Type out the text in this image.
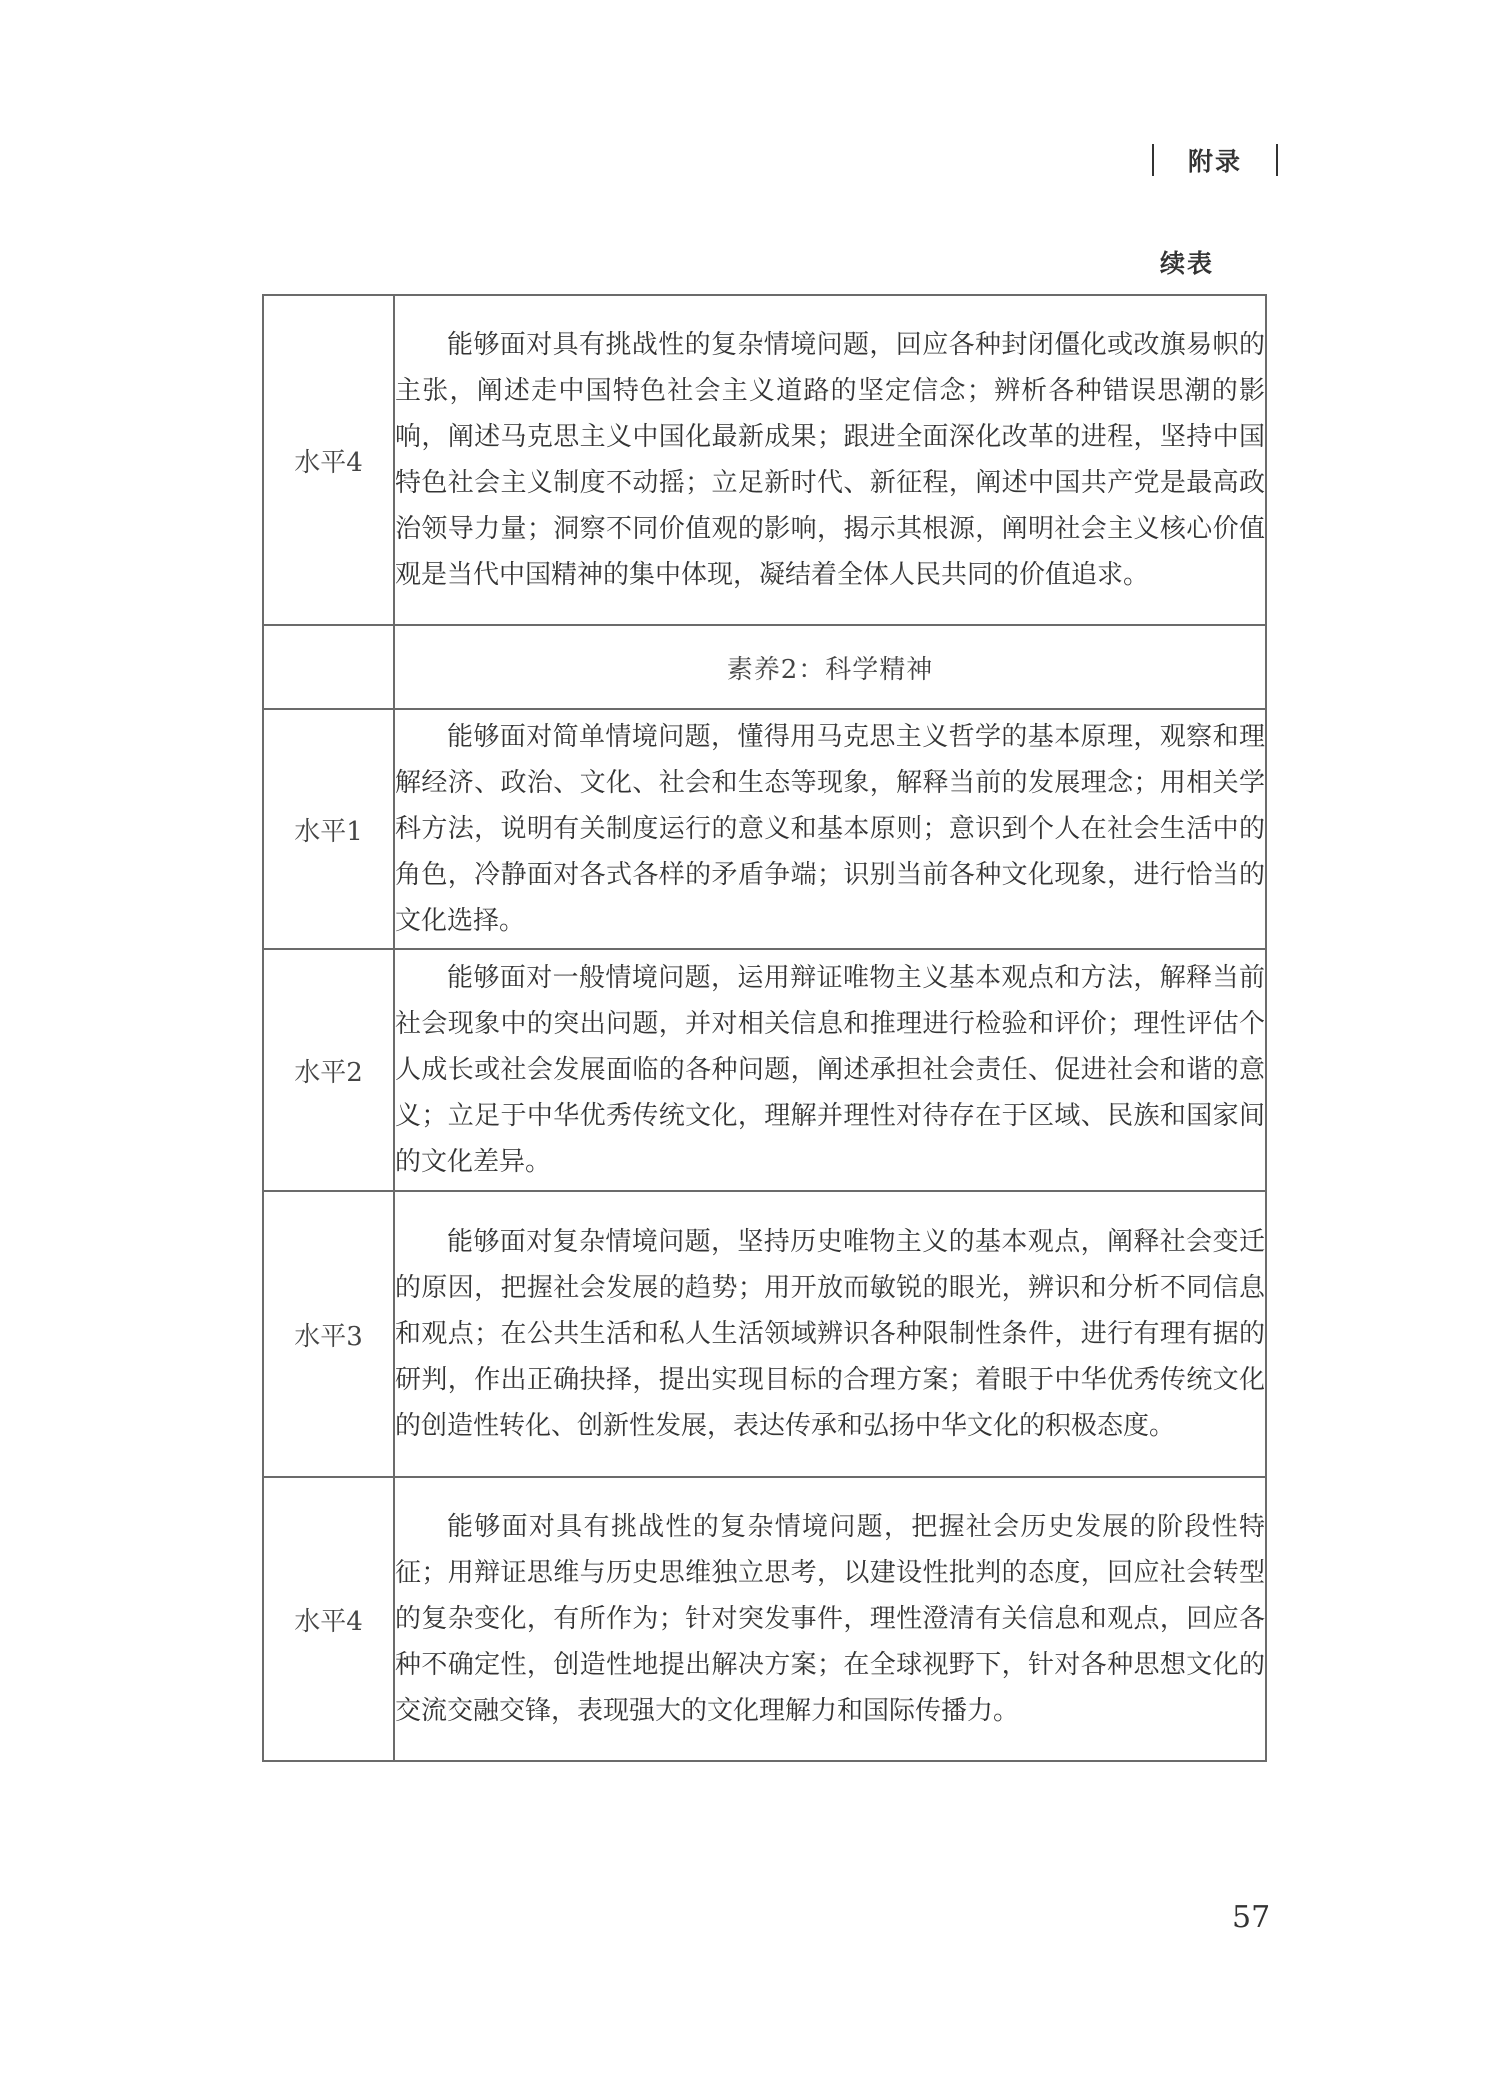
附录
续表
水平4	能够面对具有挑战性的复杂情境问题，回应各种封闭僵化或改旗易帜的主张，阐述走中国特色社会主义道路的坚定信念；辨析各种错误思潮的影响，阐述马克思主义中国化最新成果；跟进全面深化改革的进程，坚持中国特色社会主义制度不动摇；立足新时代、新征程，阐述中国共产党是最高政治领导力量；洞察不同价值观的影响，揭示其根源，阐明社会主义核心价值观是当代中国精神的集中体现，凝结着全体人民共同的价值追求。

	素养2：科学精神
水平1	能够面对简单情境问题，懂得用马克思主义哲学的基本原理，观察和理解经济、政治、文化、社会和生态等现象，解释当前的发展理念；用相关学科方法，说明有关制度运行的意义和基本原则；意识到个人在社会生活中的角色，冷静面对各式各样的矛盾争端；识别当前各种文化现象，进行恰当的文化选择。

水平2	能够面对一般情境问题，运用辩证唯物主义基本观点和方法，解释当前社会现象中的突出问题，并对相关信息和推理进行检验和评价；理性评估个人成长或社会发展面临的各种问题，阐述承担社会责任、促进社会和谐的意义；立足于中华优秀传统文化，理解并理性对待存在于区域、民族和国家间的文化差异。

水平3	能够面对复杂情境问题，坚持历史唯物主义的基本观点，阐释社会变迁的原因，把握社会发展的趋势；用开放而敏锐的眼光，辨识和分析不同信息和观点；在公共生活和私人生活领域辨识各种限制性条件，进行有理有据的研判，作出正确抉择，提出实现目标的合理方案；着眼于中华优秀传统文化的创造性转化、创新性发展，表达传承和弘扬中华文化的积极态度。

水平4	能够面对具有挑战性的复杂情境问题，把握社会历史发展的阶段性特征；用辩证思维与历史思维独立思考，以建设性批判的态度，回应社会转型的复杂变化，有所作为；针对突发事件，理性澄清有关信息和观点，回应各种不确定性，创造性地提出解决方案；在全球视野下，针对各种思想文化的交流交融交锋，表现强大的文化理解力和国际传播力。

57
